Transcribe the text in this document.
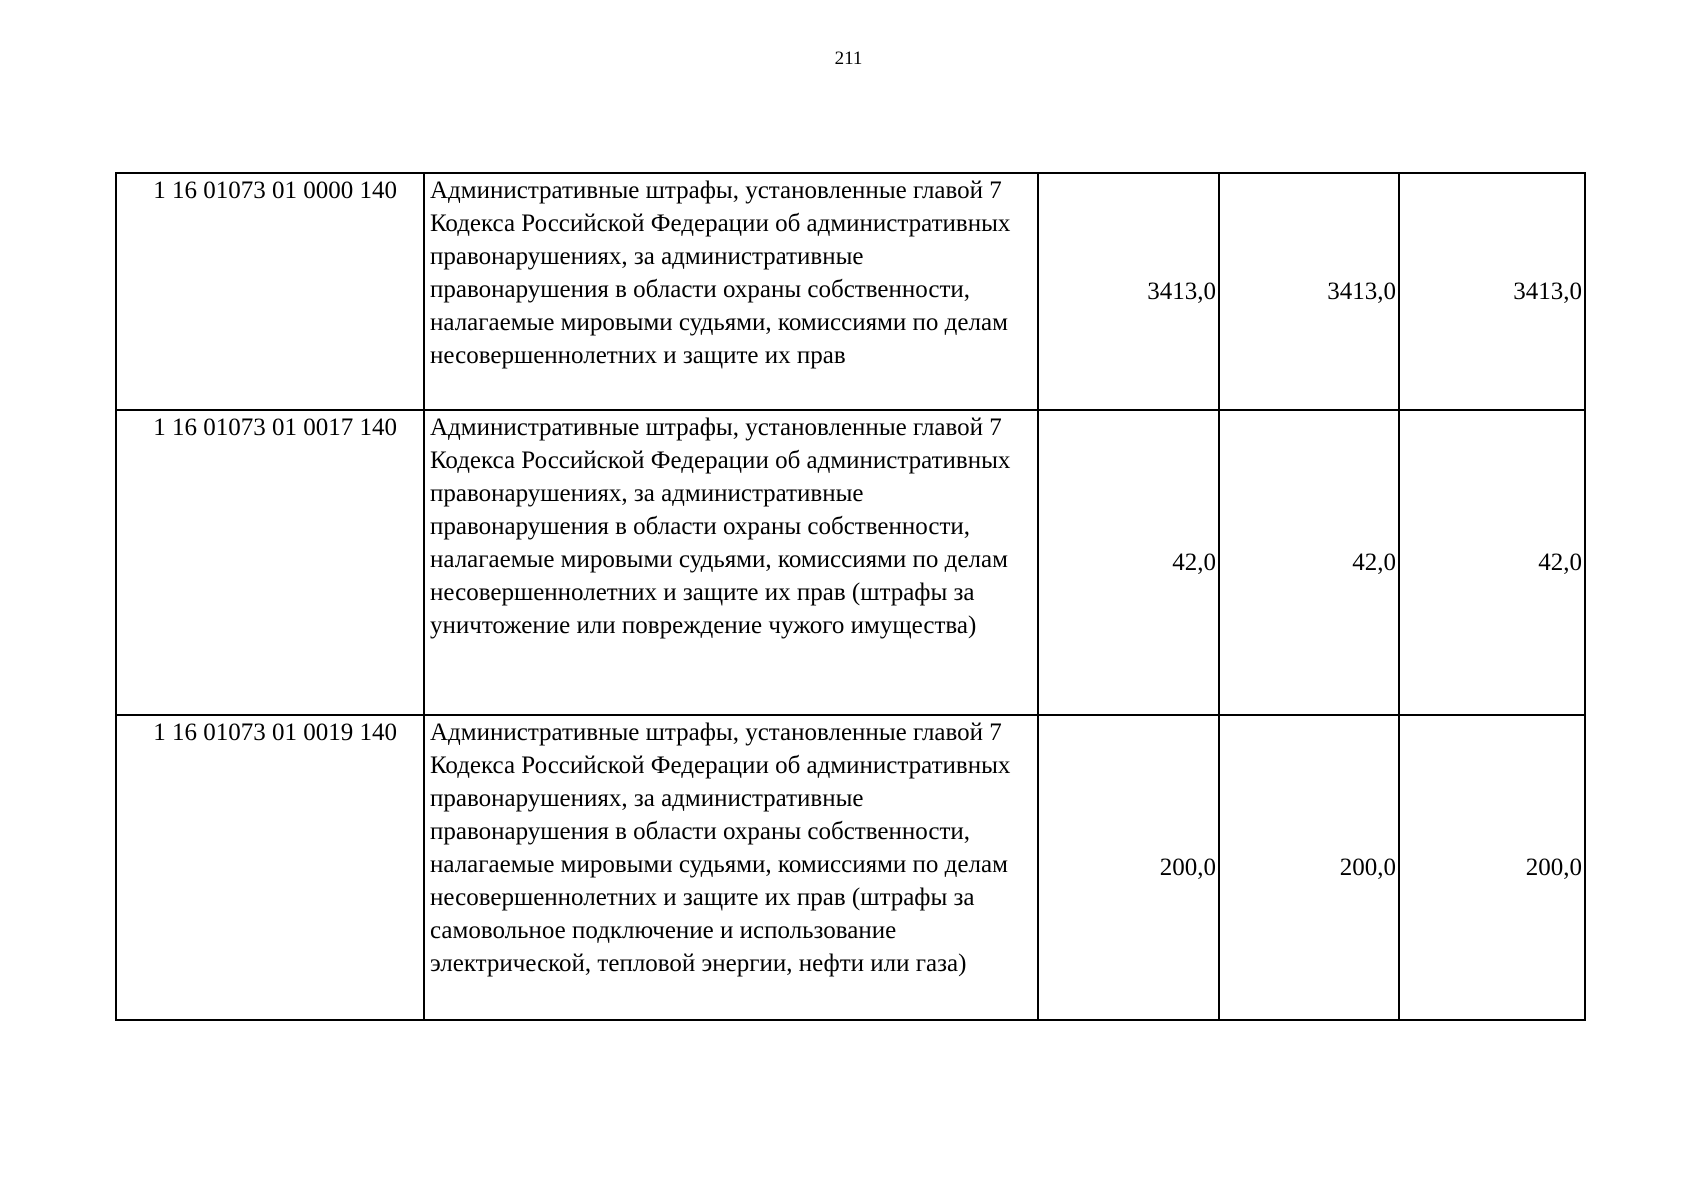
211
1 16 01073 01 0000 140	Административные штрафы, установленные главой 7 Кодекса Российской Федерации об административных правонарушениях, за административные правонарушения в области охраны собственности, налагаемые мировыми судьями, комиссиями по делам несовершеннолетних и защите их прав	3413,0	3413,0	3413,0
1 16 01073 01 0017 140	Административные штрафы, установленные главой 7 Кодекса Российской Федерации об административных правонарушениях, за административные правонарушения в области охраны собственности, налагаемые мировыми судьями, комиссиями по делам несовершеннолетних и защите их прав (штрафы за уничтожение или повреждение чужого имущества)	42,0	42,0	42,0
1 16 01073 01 0019 140	Административные штрафы, установленные главой 7 Кодекса Российской Федерации об административных правонарушениях, за административные правонарушения в области охраны собственности, налагаемые мировыми судьями, комиссиями по делам несовершеннолетних и защите их прав (штрафы за самовольное подключение и использование электрической, тепловой энергии, нефти или газа)	200,0	200,0	200,0
